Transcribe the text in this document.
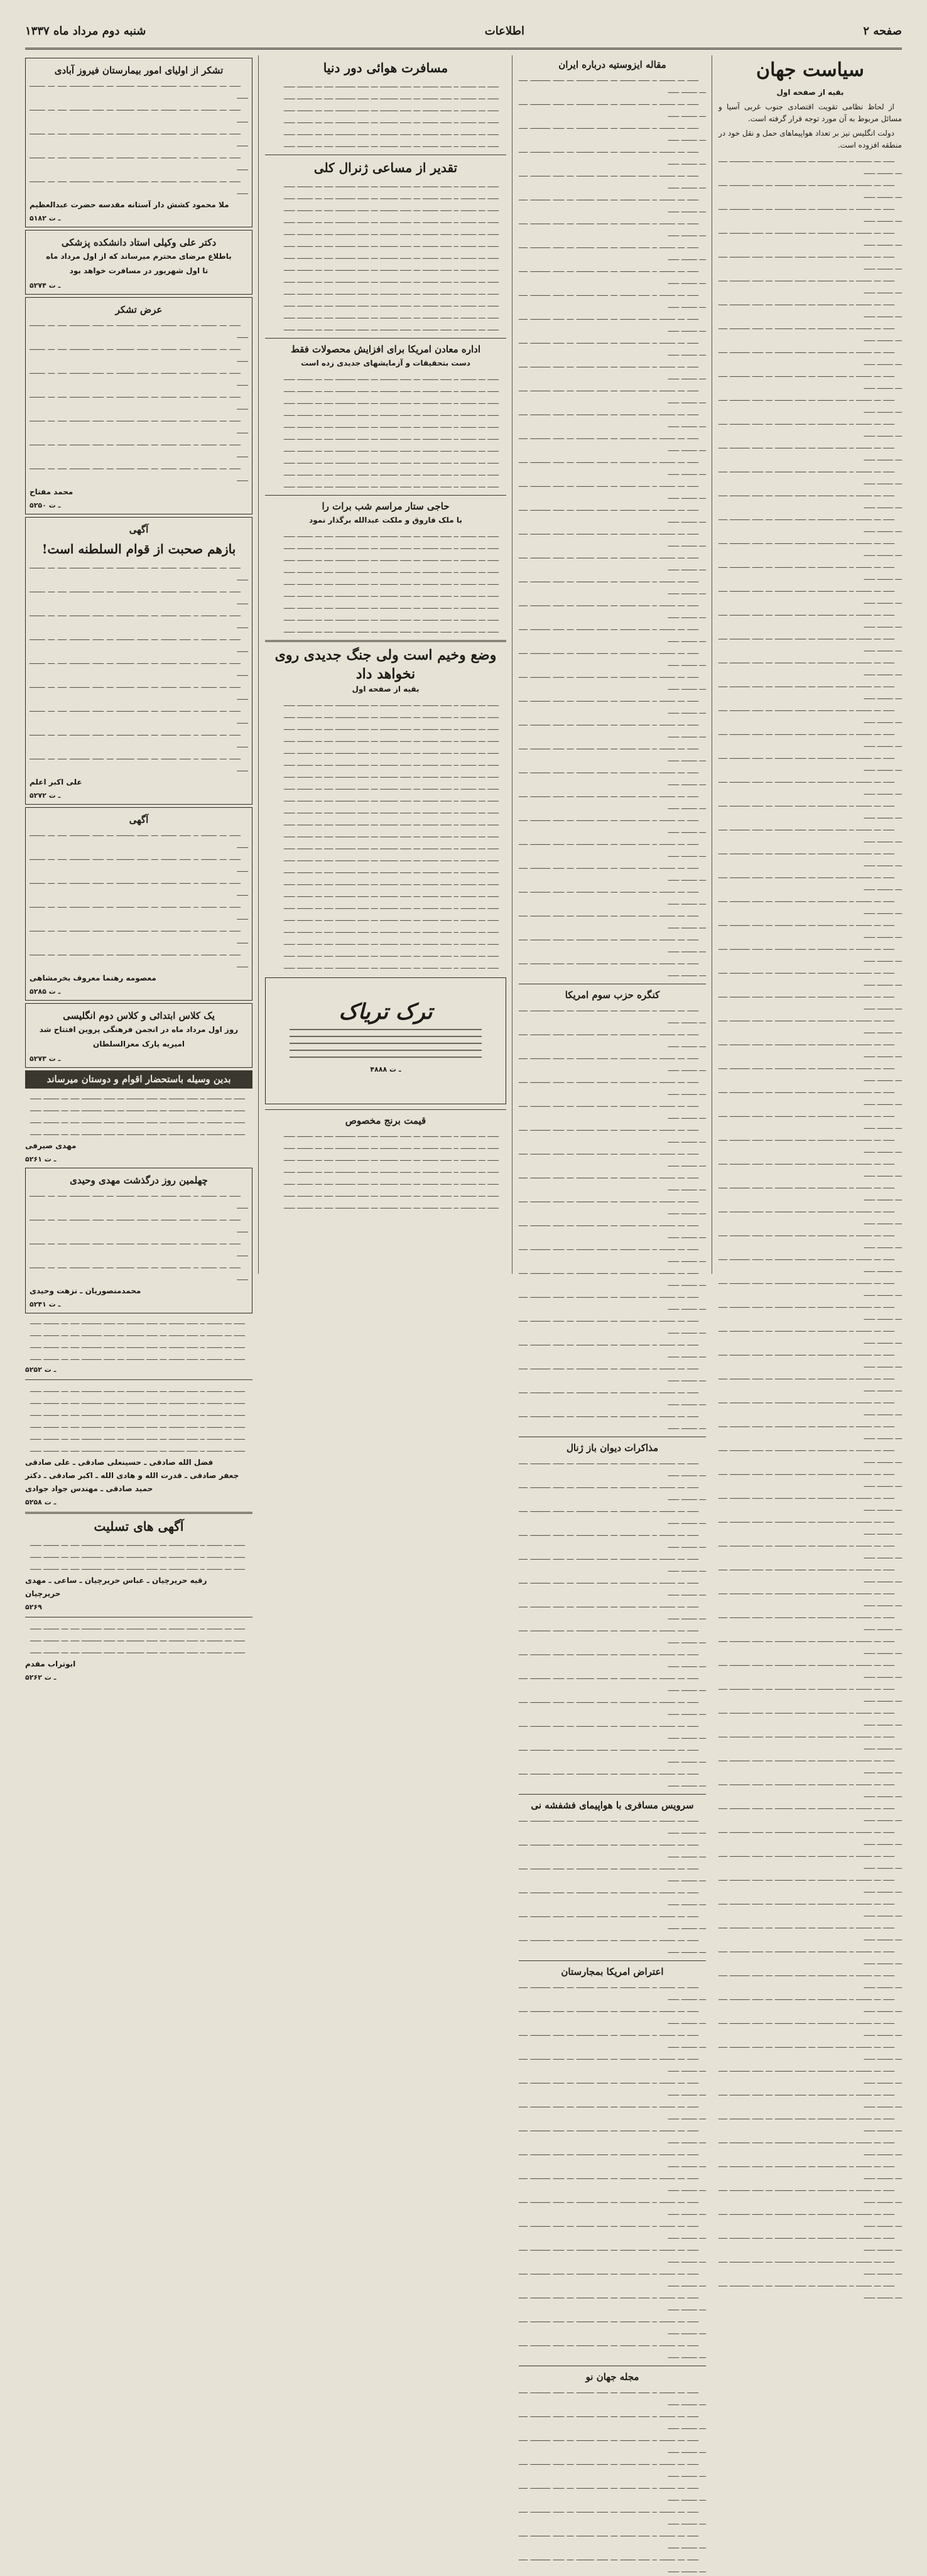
صفحه ۲
اطلاعات
شنبه دوم مرداد ماه ۱۳۳۷
سیاست جهان
بقیه از صفحه اول

از لحاظ نظامی تقویت اقتصادی جنوب غربی آسیا و مسائل مربوط به آن مورد توجه قرار گرفته است.

دولت انگلیس نیز بر تعداد هواپیماهای حمل و نقل خود در منطقه افزوده است.

ـــــ ـــ ـــــــ ــ ـــــ ـــــــ ـــ ـــــ ــــــــ ـــ ـــــ ـــــــــ ــــ ـــ ـــــــ ـــــ

ـــــ ـــ ـــــــ ــ ـــــ ـــــــ ـــ ـــــ ــــــــ ـــ ـــــ ـــــــــ ــــ ـــ ـــــــ ـــــ

ـــــ ـــ ـــــــ ــ ـــــ ـــــــ ـــ ـــــ ــــــــ ـــ ـــــ ـــــــــ ــــ ـــ ـــــــ ـــــ

ـــــ ـــ ـــــــ ــ ـــــ ـــــــ ـــ ـــــ ــــــــ ـــ ـــــ ـــــــــ ــــ ـــ ـــــــ ـــــ

ـــــ ـــ ـــــــ ــ ـــــ ـــــــ ـــ ـــــ ــــــــ ـــ ـــــ ـــــــــ ــــ ـــ ـــــــ ـــــ

ـــــ ـــ ـــــــ ــ ـــــ ـــــــ ـــ ـــــ ــــــــ ـــ ـــــ ـــــــــ ــــ ـــ ـــــــ ـــــ

ـــــ ـــ ـــــــ ــ ـــــ ـــــــ ـــ ـــــ ــــــــ ـــ ـــــ ـــــــــ ــــ ـــ ـــــــ ـــــ

ـــــ ـــ ـــــــ ــ ـــــ ـــــــ ـــ ـــــ ــــــــ ـــ ـــــ ـــــــــ ــــ ـــ ـــــــ ـــــ

ـــــ ـــ ـــــــ ــ ـــــ ـــــــ ـــ ـــــ ــــــــ ـــ ـــــ ـــــــــ ــــ ـــ ـــــــ ـــــ

ـــــ ـــ ـــــــ ــ ـــــ ـــــــ ـــ ـــــ ــــــــ ـــ ـــــ ـــــــــ ــــ ـــ ـــــــ ـــــ

ـــــ ـــ ـــــــ ــ ـــــ ـــــــ ـــ ـــــ ــــــــ ـــ ـــــ ـــــــــ ــــ ـــ ـــــــ ـــــ

ـــــ ـــ ـــــــ ــ ـــــ ـــــــ ـــ ـــــ ــــــــ ـــ ـــــ ـــــــــ ــــ ـــ ـــــــ ـــــ

ـــــ ـــ ـــــــ ــ ـــــ ـــــــ ـــ ـــــ ــــــــ ـــ ـــــ ـــــــــ ــــ ـــ ـــــــ ـــــ

ـــــ ـــ ـــــــ ــ ـــــ ـــــــ ـــ ـــــ ــــــــ ـــ ـــــ ـــــــــ ــــ ـــ ـــــــ ـــــ

ـــــ ـــ ـــــــ ــ ـــــ ـــــــ ـــ ـــــ ــــــــ ـــ ـــــ ـــــــــ ــــ ـــ ـــــــ ـــــ

ـــــ ـــ ـــــــ ــ ـــــ ـــــــ ـــ ـــــ ــــــــ ـــ ـــــ ـــــــــ ــــ ـــ ـــــــ ـــــ

ـــــ ـــ ـــــــ ــ ـــــ ـــــــ ـــ ـــــ ــــــــ ـــ ـــــ ـــــــــ ــــ ـــ ـــــــ ـــــ

ـــــ ـــ ـــــــ ــ ـــــ ـــــــ ـــ ـــــ ــــــــ ـــ ـــــ ـــــــــ ــــ ـــ ـــــــ ـــــ

ـــــ ـــ ـــــــ ــ ـــــ ـــــــ ـــ ـــــ ــــــــ ـــ ـــــ ـــــــــ ــــ ـــ ـــــــ ـــــ

ـــــ ـــ ـــــــ ــ ـــــ ـــــــ ـــ ـــــ ــــــــ ـــ ـــــ ـــــــــ ــــ ـــ ـــــــ ـــــ

ـــــ ـــ ـــــــ ــ ـــــ ـــــــ ـــ ـــــ ــــــــ ـــ ـــــ ـــــــــ ــــ ـــ ـــــــ ـــــ

ـــــ ـــ ـــــــ ــ ـــــ ـــــــ ـــ ـــــ ــــــــ ـــ ـــــ ـــــــــ ــــ ـــ ـــــــ ـــــ

ـــــ ـــ ـــــــ ــ ـــــ ـــــــ ـــ ـــــ ــــــــ ـــ ـــــ ـــــــــ ــــ ـــ ـــــــ ـــــ

ـــــ ـــ ـــــــ ــ ـــــ ـــــــ ـــ ـــــ ــــــــ ـــ ـــــ ـــــــــ ــــ ـــ ـــــــ ـــــ

ـــــ ـــ ـــــــ ــ ـــــ ـــــــ ـــ ـــــ ــــــــ ـــ ـــــ ـــــــــ ــــ ـــ ـــــــ ـــــ

ـــــ ـــ ـــــــ ــ ـــــ ـــــــ ـــ ـــــ ــــــــ ـــ ـــــ ـــــــــ ــــ ـــ ـــــــ ـــــ

ـــــ ـــ ـــــــ ــ ـــــ ـــــــ ـــ ـــــ ــــــــ ـــ ـــــ ـــــــــ ــــ ـــ ـــــــ ـــــ

ـــــ ـــ ـــــــ ــ ـــــ ـــــــ ـــ ـــــ ــــــــ ـــ ـــــ ـــــــــ ــــ ـــ ـــــــ ـــــ

ـــــ ـــ ـــــــ ــ ـــــ ـــــــ ـــ ـــــ ــــــــ ـــ ـــــ ـــــــــ ــــ ـــ ـــــــ ـــــ

ـــــ ـــ ـــــــ ــ ـــــ ـــــــ ـــ ـــــ ــــــــ ـــ ـــــ ـــــــــ ــــ ـــ ـــــــ ـــــ

ـــــ ـــ ـــــــ ــ ـــــ ـــــــ ـــ ـــــ ــــــــ ـــ ـــــ ـــــــــ ــــ ـــ ـــــــ ـــــ

ـــــ ـــ ـــــــ ــ ـــــ ـــــــ ـــ ـــــ ــــــــ ـــ ـــــ ـــــــــ ــــ ـــ ـــــــ ـــــ

ـــــ ـــ ـــــــ ــ ـــــ ـــــــ ـــ ـــــ ــــــــ ـــ ـــــ ـــــــــ ــــ ـــ ـــــــ ـــــ

ـــــ ـــ ـــــــ ــ ـــــ ـــــــ ـــ ـــــ ــــــــ ـــ ـــــ ـــــــــ ــــ ـــ ـــــــ ـــــ

ـــــ ـــ ـــــــ ــ ـــــ ـــــــ ـــ ـــــ ــــــــ ـــ ـــــ ـــــــــ ــــ ـــ ـــــــ ـــــ

ـــــ ـــ ـــــــ ــ ـــــ ـــــــ ـــ ـــــ ــــــــ ـــ ـــــ ـــــــــ ــــ ـــ ـــــــ ـــــ

ـــــ ـــ ـــــــ ــ ـــــ ـــــــ ـــ ـــــ ــــــــ ـــ ـــــ ـــــــــ ــــ ـــ ـــــــ ـــــ

ـــــ ـــ ـــــــ ــ ـــــ ـــــــ ـــ ـــــ ــــــــ ـــ ـــــ ـــــــــ ــــ ـــ ـــــــ ـــــ

ـــــ ـــ ـــــــ ــ ـــــ ـــــــ ـــ ـــــ ــــــــ ـــ ـــــ ـــــــــ ــــ ـــ ـــــــ ـــــ

ـــــ ـــ ـــــــ ــ ـــــ ـــــــ ـــ ـــــ ــــــــ ـــ ـــــ ـــــــــ ــــ ـــ ـــــــ ـــــ

ـــــ ـــ ـــــــ ــ ـــــ ـــــــ ـــ ـــــ ــــــــ ـــ ـــــ ـــــــــ ــــ ـــ ـــــــ ـــــ

ـــــ ـــ ـــــــ ــ ـــــ ـــــــ ـــ ـــــ ــــــــ ـــ ـــــ ـــــــــ ــــ ـــ ـــــــ ـــــ

ـــــ ـــ ـــــــ ــ ـــــ ـــــــ ـــ ـــــ ــــــــ ـــ ـــــ ـــــــــ ــــ ـــ ـــــــ ـــــ

ـــــ ـــ ـــــــ ــ ـــــ ـــــــ ـــ ـــــ ــــــــ ـــ ـــــ ـــــــــ ــــ ـــ ـــــــ ـــــ

ـــــ ـــ ـــــــ ــ ـــــ ـــــــ ـــ ـــــ ــــــــ ـــ ـــــ ـــــــــ ــــ ـــ ـــــــ ـــــ

ـــــ ـــ ـــــــ ــ ـــــ ـــــــ ـــ ـــــ ــــــــ ـــ ـــــ ـــــــــ ــــ ـــ ـــــــ ـــــ

ـــــ ـــ ـــــــ ــ ـــــ ـــــــ ـــ ـــــ ــــــــ ـــ ـــــ ـــــــــ ــــ ـــ ـــــــ ـــــ

ـــــ ـــ ـــــــ ــ ـــــ ـــــــ ـــ ـــــ ــــــــ ـــ ـــــ ـــــــــ ــــ ـــ ـــــــ ـــــ

ـــــ ـــ ـــــــ ــ ـــــ ـــــــ ـــ ـــــ ــــــــ ـــ ـــــ ـــــــــ ــــ ـــ ـــــــ ـــــ

ـــــ ـــ ـــــــ ــ ـــــ ـــــــ ـــ ـــــ ــــــــ ـــ ـــــ ـــــــــ ــــ ـــ ـــــــ ـــــ

ـــــ ـــ ـــــــ ــ ـــــ ـــــــ ـــ ـــــ ــــــــ ـــ ـــــ ـــــــــ ــــ ـــ ـــــــ ـــــ

ـــــ ـــ ـــــــ ــ ـــــ ـــــــ ـــ ـــــ ــــــــ ـــ ـــــ ـــــــــ ــــ ـــ ـــــــ ـــــ

ـــــ ـــ ـــــــ ــ ـــــ ـــــــ ـــ ـــــ ــــــــ ـــ ـــــ ـــــــــ ــــ ـــ ـــــــ ـــــ

ـــــ ـــ ـــــــ ــ ـــــ ـــــــ ـــ ـــــ ــــــــ ـــ ـــــ ـــــــــ ــــ ـــ ـــــــ ـــــ

ـــــ ـــ ـــــــ ــ ـــــ ـــــــ ـــ ـــــ ــــــــ ـــ ـــــ ـــــــــ ــــ ـــ ـــــــ ـــــ

ـــــ ـــ ـــــــ ــ ـــــ ـــــــ ـــ ـــــ ــــــــ ـــ ـــــ ـــــــــ ــــ ـــ ـــــــ ـــــ

ـــــ ـــ ـــــــ ــ ـــــ ـــــــ ـــ ـــــ ــــــــ ـــ ـــــ ـــــــــ ــــ ـــ ـــــــ ـــــ

ـــــ ـــ ـــــــ ــ ـــــ ـــــــ ـــ ـــــ ــــــــ ـــ ـــــ ـــــــــ ــــ ـــ ـــــــ ـــــ

ـــــ ـــ ـــــــ ــ ـــــ ـــــــ ـــ ـــــ ــــــــ ـــ ـــــ ـــــــــ ــــ ـــ ـــــــ ـــــ

ـــــ ـــ ـــــــ ــ ـــــ ـــــــ ـــ ـــــ ــــــــ ـــ ـــــ ـــــــــ ــــ ـــ ـــــــ ـــــ

ـــــ ـــ ـــــــ ــ ـــــ ـــــــ ـــ ـــــ ــــــــ ـــ ـــــ ـــــــــ ــــ ـــ ـــــــ ـــــ

ـــــ ـــ ـــــــ ــ ـــــ ـــــــ ـــ ـــــ ــــــــ ـــ ـــــ ـــــــــ ــــ ـــ ـــــــ ـــــ

ـــــ ـــ ـــــــ ــ ـــــ ـــــــ ـــ ـــــ ــــــــ ـــ ـــــ ـــــــــ ــــ ـــ ـــــــ ـــــ

ـــــ ـــ ـــــــ ــ ـــــ ـــــــ ـــ ـــــ ــــــــ ـــ ـــــ ـــــــــ ــــ ـــ ـــــــ ـــــ

ـــــ ـــ ـــــــ ــ ـــــ ـــــــ ـــ ـــــ ــــــــ ـــ ـــــ ـــــــــ ــــ ـــ ـــــــ ـــــ

ـــــ ـــ ـــــــ ــ ـــــ ـــــــ ـــ ـــــ ــــــــ ـــ ـــــ ـــــــــ ــــ ـــ ـــــــ ـــــ

ـــــ ـــ ـــــــ ــ ـــــ ـــــــ ـــ ـــــ ــــــــ ـــ ـــــ ـــــــــ ــــ ـــ ـــــــ ـــــ

ـــــ ـــ ـــــــ ــ ـــــ ـــــــ ـــ ـــــ ــــــــ ـــ ـــــ ـــــــــ ــــ ـــ ـــــــ ـــــ

ـــــ ـــ ـــــــ ــ ـــــ ـــــــ ـــ ـــــ ــــــــ ـــ ـــــ ـــــــــ ــــ ـــ ـــــــ ـــــ

ـــــ ـــ ـــــــ ــ ـــــ ـــــــ ـــ ـــــ ــــــــ ـــ ـــــ ـــــــــ ــــ ـــ ـــــــ ـــــ

ـــــ ـــ ـــــــ ــ ـــــ ـــــــ ـــ ـــــ ــــــــ ـــ ـــــ ـــــــــ ــــ ـــ ـــــــ ـــــ

ـــــ ـــ ـــــــ ــ ـــــ ـــــــ ـــ ـــــ ــــــــ ـــ ـــــ ـــــــــ ــــ ـــ ـــــــ ـــــ

ـــــ ـــ ـــــــ ــ ـــــ ـــــــ ـــ ـــــ ــــــــ ـــ ـــــ ـــــــــ ــــ ـــ ـــــــ ـــــ

ـــــ ـــ ـــــــ ــ ـــــ ـــــــ ـــ ـــــ ــــــــ ـــ ـــــ ـــــــــ ــــ ـــ ـــــــ ـــــ

ـــــ ـــ ـــــــ ــ ـــــ ـــــــ ـــ ـــــ ــــــــ ـــ ـــــ ـــــــــ ــــ ـــ ـــــــ ـــــ

ـــــ ـــ ـــــــ ــ ـــــ ـــــــ ـــ ـــــ ــــــــ ـــ ـــــ ـــــــــ ــــ ـــ ـــــــ ـــــ

ـــــ ـــ ـــــــ ــ ـــــ ـــــــ ـــ ـــــ ــــــــ ـــ ـــــ ـــــــــ ــــ ـــ ـــــــ ـــــ

ـــــ ـــ ـــــــ ــ ـــــ ـــــــ ـــ ـــــ ــــــــ ـــ ـــــ ـــــــــ ــــ ـــ ـــــــ ـــــ

ـــــ ـــ ـــــــ ــ ـــــ ـــــــ ـــ ـــــ ــــــــ ـــ ـــــ ـــــــــ ــــ ـــ ـــــــ ـــــ

ـــــ ـــ ـــــــ ــ ـــــ ـــــــ ـــ ـــــ ــــــــ ـــ ـــــ ـــــــــ ــــ ـــ ـــــــ ـــــ

ـــــ ـــ ـــــــ ــ ـــــ ـــــــ ـــ ـــــ ــــــــ ـــ ـــــ ـــــــــ ــــ ـــ ـــــــ ـــــ

ـــــ ـــ ـــــــ ــ ـــــ ـــــــ ـــ ـــــ ــــــــ ـــ ـــــ ـــــــــ ــــ ـــ ـــــــ ـــــ

ـــــ ـــ ـــــــ ــ ـــــ ـــــــ ـــ ـــــ ــــــــ ـــ ـــــ ـــــــــ ــــ ـــ ـــــــ ـــــ

ـــــ ـــ ـــــــ ــ ـــــ ـــــــ ـــ ـــــ ــــــــ ـــ ـــــ ـــــــــ ــــ ـــ ـــــــ ـــــ

ـــــ ـــ ـــــــ ــ ـــــ ـــــــ ـــ ـــــ ــــــــ ـــ ـــــ ـــــــــ ــــ ـــ ـــــــ ـــــ

ـــــ ـــ ـــــــ ــ ـــــ ـــــــ ـــ ـــــ ــــــــ ـــ ـــــ ـــــــــ ــــ ـــ ـــــــ ـــــ

ـــــ ـــ ـــــــ ــ ـــــ ـــــــ ـــ ـــــ ــــــــ ـــ ـــــ ـــــــــ ــــ ـــ ـــــــ ـــــ

ـــــ ـــ ـــــــ ــ ـــــ ـــــــ ـــ ـــــ ــــــــ ـــ ـــــ ـــــــــ ــــ ـــ ـــــــ ـــــ

ـــــ ـــ ـــــــ ــ ـــــ ـــــــ ـــ ـــــ ــــــــ ـــ ـــــ ـــــــــ ــــ ـــ ـــــــ ـــــ

ـــــ ـــ ـــــــ ــ ـــــ ـــــــ ـــ ـــــ ــــــــ ـــ ـــــ ـــــــــ ــــ ـــ ـــــــ ـــــ

مقاله ایزوستیه درباره ایران

ـــــ ـــ ـــــــ ــ ـــــ ـــــــ ـــ ـــــ ــــــــ ـــ ـــــ ـــــــــ ــــ ـــ ـــــــ ـــــ

ـــــ ـــ ـــــــ ــ ـــــ ـــــــ ـــ ـــــ ــــــــ ـــ ـــــ ـــــــــ ــــ ـــ ـــــــ ـــــ

ـــــ ـــ ـــــــ ــ ـــــ ـــــــ ـــ ـــــ ــــــــ ـــ ـــــ ـــــــــ ــــ ـــ ـــــــ ـــــ

ـــــ ـــ ـــــــ ــ ـــــ ـــــــ ـــ ـــــ ــــــــ ـــ ـــــ ـــــــــ ــــ ـــ ـــــــ ـــــ

ـــــ ـــ ـــــــ ــ ـــــ ـــــــ ـــ ـــــ ــــــــ ـــ ـــــ ـــــــــ ــــ ـــ ـــــــ ـــــ

ـــــ ـــ ـــــــ ــ ـــــ ـــــــ ـــ ـــــ ــــــــ ـــ ـــــ ـــــــــ ــــ ـــ ـــــــ ـــــ

ـــــ ـــ ـــــــ ــ ـــــ ـــــــ ـــ ـــــ ــــــــ ـــ ـــــ ـــــــــ ــــ ـــ ـــــــ ـــــ

ـــــ ـــ ـــــــ ــ ـــــ ـــــــ ـــ ـــــ ــــــــ ـــ ـــــ ـــــــــ ــــ ـــ ـــــــ ـــــ

ـــــ ـــ ـــــــ ــ ـــــ ـــــــ ـــ ـــــ ــــــــ ـــ ـــــ ـــــــــ ــــ ـــ ـــــــ ـــــ

ـــــ ـــ ـــــــ ــ ـــــ ـــــــ ـــ ـــــ ــــــــ ـــ ـــــ ـــــــــ ــــ ـــ ـــــــ ـــــ

ـــــ ـــ ـــــــ ــ ـــــ ـــــــ ـــ ـــــ ــــــــ ـــ ـــــ ـــــــــ ــــ ـــ ـــــــ ـــــ

ـــــ ـــ ـــــــ ــ ـــــ ـــــــ ـــ ـــــ ــــــــ ـــ ـــــ ـــــــــ ــــ ـــ ـــــــ ـــــ

ـــــ ـــ ـــــــ ــ ـــــ ـــــــ ـــ ـــــ ــــــــ ـــ ـــــ ـــــــــ ــــ ـــ ـــــــ ـــــ

ـــــ ـــ ـــــــ ــ ـــــ ـــــــ ـــ ـــــ ــــــــ ـــ ـــــ ـــــــــ ــــ ـــ ـــــــ ـــــ

ـــــ ـــ ـــــــ ــ ـــــ ـــــــ ـــ ـــــ ــــــــ ـــ ـــــ ـــــــــ ــــ ـــ ـــــــ ـــــ

ـــــ ـــ ـــــــ ــ ـــــ ـــــــ ـــ ـــــ ــــــــ ـــ ـــــ ـــــــــ ــــ ـــ ـــــــ ـــــ

ـــــ ـــ ـــــــ ــ ـــــ ـــــــ ـــ ـــــ ــــــــ ـــ ـــــ ـــــــــ ــــ ـــ ـــــــ ـــــ

ـــــ ـــ ـــــــ ــ ـــــ ـــــــ ـــ ـــــ ــــــــ ـــ ـــــ ـــــــــ ــــ ـــ ـــــــ ـــــ

ـــــ ـــ ـــــــ ــ ـــــ ـــــــ ـــ ـــــ ــــــــ ـــ ـــــ ـــــــــ ــــ ـــ ـــــــ ـــــ

ـــــ ـــ ـــــــ ــ ـــــ ـــــــ ـــ ـــــ ــــــــ ـــ ـــــ ـــــــــ ــــ ـــ ـــــــ ـــــ

ـــــ ـــ ـــــــ ــ ـــــ ـــــــ ـــ ـــــ ــــــــ ـــ ـــــ ـــــــــ ــــ ـــ ـــــــ ـــــ

ـــــ ـــ ـــــــ ــ ـــــ ـــــــ ـــ ـــــ ــــــــ ـــ ـــــ ـــــــــ ــــ ـــ ـــــــ ـــــ

ـــــ ـــ ـــــــ ــ ـــــ ـــــــ ـــ ـــــ ــــــــ ـــ ـــــ ـــــــــ ــــ ـــ ـــــــ ـــــ

ـــــ ـــ ـــــــ ــ ـــــ ـــــــ ـــ ـــــ ــــــــ ـــ ـــــ ـــــــــ ــــ ـــ ـــــــ ـــــ

ـــــ ـــ ـــــــ ــ ـــــ ـــــــ ـــ ـــــ ــــــــ ـــ ـــــ ـــــــــ ــــ ـــ ـــــــ ـــــ

ـــــ ـــ ـــــــ ــ ـــــ ـــــــ ـــ ـــــ ــــــــ ـــ ـــــ ـــــــــ ــــ ـــ ـــــــ ـــــ

ـــــ ـــ ـــــــ ــ ـــــ ـــــــ ـــ ـــــ ــــــــ ـــ ـــــ ـــــــــ ــــ ـــ ـــــــ ـــــ

ـــــ ـــ ـــــــ ــ ـــــ ـــــــ ـــ ـــــ ــــــــ ـــ ـــــ ـــــــــ ــــ ـــ ـــــــ ـــــ

ـــــ ـــ ـــــــ ــ ـــــ ـــــــ ـــ ـــــ ــــــــ ـــ ـــــ ـــــــــ ــــ ـــ ـــــــ ـــــ

ـــــ ـــ ـــــــ ــ ـــــ ـــــــ ـــ ـــــ ــــــــ ـــ ـــــ ـــــــــ ــــ ـــ ـــــــ ـــــ

ـــــ ـــ ـــــــ ــ ـــــ ـــــــ ـــ ـــــ ــــــــ ـــ ـــــ ـــــــــ ــــ ـــ ـــــــ ـــــ

ـــــ ـــ ـــــــ ــ ـــــ ـــــــ ـــ ـــــ ــــــــ ـــ ـــــ ـــــــــ ــــ ـــ ـــــــ ـــــ

ـــــ ـــ ـــــــ ــ ـــــ ـــــــ ـــ ـــــ ــــــــ ـــ ـــــ ـــــــــ ــــ ـــ ـــــــ ـــــ

ـــــ ـــ ـــــــ ــ ـــــ ـــــــ ـــ ـــــ ــــــــ ـــ ـــــ ـــــــــ ــــ ـــ ـــــــ ـــــ

ـــــ ـــ ـــــــ ــ ـــــ ـــــــ ـــ ـــــ ــــــــ ـــ ـــــ ـــــــــ ــــ ـــ ـــــــ ـــــ

ـــــ ـــ ـــــــ ــ ـــــ ـــــــ ـــ ـــــ ــــــــ ـــ ـــــ ـــــــــ ــــ ـــ ـــــــ ـــــ

ـــــ ـــ ـــــــ ــ ـــــ ـــــــ ـــ ـــــ ــــــــ ـــ ـــــ ـــــــــ ــــ ـــ ـــــــ ـــــ

ـــــ ـــ ـــــــ ــ ـــــ ـــــــ ـــ ـــــ ــــــــ ـــ ـــــ ـــــــــ ــــ ـــ ـــــــ ـــــ

کنگره حزب سوم امریکا

ـــــ ـــ ـــــــ ــ ـــــ ـــــــ ـــ ـــــ ــــــــ ـــ ـــــ ـــــــــ ــــ ـــ ـــــــ ـــــ

ـــــ ـــ ـــــــ ــ ـــــ ـــــــ ـــ ـــــ ــــــــ ـــ ـــــ ـــــــــ ــــ ـــ ـــــــ ـــــ

ـــــ ـــ ـــــــ ــ ـــــ ـــــــ ـــ ـــــ ــــــــ ـــ ـــــ ـــــــــ ــــ ـــ ـــــــ ـــــ

ـــــ ـــ ـــــــ ــ ـــــ ـــــــ ـــ ـــــ ــــــــ ـــ ـــــ ـــــــــ ــــ ـــ ـــــــ ـــــ

ـــــ ـــ ـــــــ ــ ـــــ ـــــــ ـــ ـــــ ــــــــ ـــ ـــــ ـــــــــ ــــ ـــ ـــــــ ـــــ

ـــــ ـــ ـــــــ ــ ـــــ ـــــــ ـــ ـــــ ــــــــ ـــ ـــــ ـــــــــ ــــ ـــ ـــــــ ـــــ

ـــــ ـــ ـــــــ ــ ـــــ ـــــــ ـــ ـــــ ــــــــ ـــ ـــــ ـــــــــ ــــ ـــ ـــــــ ـــــ

ـــــ ـــ ـــــــ ــ ـــــ ـــــــ ـــ ـــــ ــــــــ ـــ ـــــ ـــــــــ ــــ ـــ ـــــــ ـــــ

ـــــ ـــ ـــــــ ــ ـــــ ـــــــ ـــ ـــــ ــــــــ ـــ ـــــ ـــــــــ ــــ ـــ ـــــــ ـــــ

ـــــ ـــ ـــــــ ــ ـــــ ـــــــ ـــ ـــــ ــــــــ ـــ ـــــ ـــــــــ ــــ ـــ ـــــــ ـــــ

ـــــ ـــ ـــــــ ــ ـــــ ـــــــ ـــ ـــــ ــــــــ ـــ ـــــ ـــــــــ ــــ ـــ ـــــــ ـــــ

ـــــ ـــ ـــــــ ــ ـــــ ـــــــ ـــ ـــــ ــــــــ ـــ ـــــ ـــــــــ ــــ ـــ ـــــــ ـــــ

ـــــ ـــ ـــــــ ــ ـــــ ـــــــ ـــ ـــــ ــــــــ ـــ ـــــ ـــــــــ ــــ ـــ ـــــــ ـــــ

ـــــ ـــ ـــــــ ــ ـــــ ـــــــ ـــ ـــــ ــــــــ ـــ ـــــ ـــــــــ ــــ ـــ ـــــــ ـــــ

ـــــ ـــ ـــــــ ــ ـــــ ـــــــ ـــ ـــــ ــــــــ ـــ ـــــ ـــــــــ ــــ ـــ ـــــــ ـــــ

ـــــ ـــ ـــــــ ــ ـــــ ـــــــ ـــ ـــــ ــــــــ ـــ ـــــ ـــــــــ ــــ ـــ ـــــــ ـــــ

ـــــ ـــ ـــــــ ــ ـــــ ـــــــ ـــ ـــــ ــــــــ ـــ ـــــ ـــــــــ ــــ ـــ ـــــــ ـــــ

ـــــ ـــ ـــــــ ــ ـــــ ـــــــ ـــ ـــــ ــــــــ ـــ ـــــ ـــــــــ ــــ ـــ ـــــــ ـــــ

مذاکرات دیوان باز ژنال

ـــــ ـــ ـــــــ ــ ـــــ ـــــــ ـــ ـــــ ــــــــ ـــ ـــــ ـــــــــ ــــ ـــ ـــــــ ـــــ

ـــــ ـــ ـــــــ ــ ـــــ ـــــــ ـــ ـــــ ــــــــ ـــ ـــــ ـــــــــ ــــ ـــ ـــــــ ـــــ

ـــــ ـــ ـــــــ ــ ـــــ ـــــــ ـــ ـــــ ــــــــ ـــ ـــــ ـــــــــ ــــ ـــ ـــــــ ـــــ

ـــــ ـــ ـــــــ ــ ـــــ ـــــــ ـــ ـــــ ــــــــ ـــ ـــــ ـــــــــ ــــ ـــ ـــــــ ـــــ

ـــــ ـــ ـــــــ ــ ـــــ ـــــــ ـــ ـــــ ــــــــ ـــ ـــــ ـــــــــ ــــ ـــ ـــــــ ـــــ

ـــــ ـــ ـــــــ ــ ـــــ ـــــــ ـــ ـــــ ــــــــ ـــ ـــــ ـــــــــ ــــ ـــ ـــــــ ـــــ

ـــــ ـــ ـــــــ ــ ـــــ ـــــــ ـــ ـــــ ــــــــ ـــ ـــــ ـــــــــ ــــ ـــ ـــــــ ـــــ

ـــــ ـــ ـــــــ ــ ـــــ ـــــــ ـــ ـــــ ــــــــ ـــ ـــــ ـــــــــ ــــ ـــ ـــــــ ـــــ

ـــــ ـــ ـــــــ ــ ـــــ ـــــــ ـــ ـــــ ــــــــ ـــ ـــــ ـــــــــ ــــ ـــ ـــــــ ـــــ

ـــــ ـــ ـــــــ ــ ـــــ ـــــــ ـــ ـــــ ــــــــ ـــ ـــــ ـــــــــ ــــ ـــ ـــــــ ـــــ

ـــــ ـــ ـــــــ ــ ـــــ ـــــــ ـــ ـــــ ــــــــ ـــ ـــــ ـــــــــ ــــ ـــ ـــــــ ـــــ

ـــــ ـــ ـــــــ ــ ـــــ ـــــــ ـــ ـــــ ــــــــ ـــ ـــــ ـــــــــ ــــ ـــ ـــــــ ـــــ

ـــــ ـــ ـــــــ ــ ـــــ ـــــــ ـــ ـــــ ــــــــ ـــ ـــــ ـــــــــ ــــ ـــ ـــــــ ـــــ

ـــــ ـــ ـــــــ ــ ـــــ ـــــــ ـــ ـــــ ــــــــ ـــ ـــــ ـــــــــ ــــ ـــ ـــــــ ـــــ

سرویس مسافری با هواپیمای فشفشه نی

ـــــ ـــ ـــــــ ــ ـــــ ـــــــ ـــ ـــــ ــــــــ ـــ ـــــ ـــــــــ ــــ ـــ ـــــــ ـــــ

ـــــ ـــ ـــــــ ــ ـــــ ـــــــ ـــ ـــــ ــــــــ ـــ ـــــ ـــــــــ ــــ ـــ ـــــــ ـــــ

ـــــ ـــ ـــــــ ــ ـــــ ـــــــ ـــ ـــــ ــــــــ ـــ ـــــ ـــــــــ ــــ ـــ ـــــــ ـــــ

ـــــ ـــ ـــــــ ــ ـــــ ـــــــ ـــ ـــــ ــــــــ ـــ ـــــ ـــــــــ ــــ ـــ ـــــــ ـــــ

ـــــ ـــ ـــــــ ــ ـــــ ـــــــ ـــ ـــــ ــــــــ ـــ ـــــ ـــــــــ ــــ ـــ ـــــــ ـــــ

ـــــ ـــ ـــــــ ــ ـــــ ـــــــ ـــ ـــــ ــــــــ ـــ ـــــ ـــــــــ ــــ ـــ ـــــــ ـــــ

اعتراض امریکا بمجارستان

ـــــ ـــ ـــــــ ــ ـــــ ـــــــ ـــ ـــــ ــــــــ ـــ ـــــ ـــــــــ ــــ ـــ ـــــــ ـــــ

ـــــ ـــ ـــــــ ــ ـــــ ـــــــ ـــ ـــــ ــــــــ ـــ ـــــ ـــــــــ ــــ ـــ ـــــــ ـــــ

ـــــ ـــ ـــــــ ــ ـــــ ـــــــ ـــ ـــــ ــــــــ ـــ ـــــ ـــــــــ ــــ ـــ ـــــــ ـــــ

ـــــ ـــ ـــــــ ــ ـــــ ـــــــ ـــ ـــــ ــــــــ ـــ ـــــ ـــــــــ ــــ ـــ ـــــــ ـــــ

ـــــ ـــ ـــــــ ــ ـــــ ـــــــ ـــ ـــــ ــــــــ ـــ ـــــ ـــــــــ ــــ ـــ ـــــــ ـــــ

ـــــ ـــ ـــــــ ــ ـــــ ـــــــ ـــ ـــــ ــــــــ ـــ ـــــ ـــــــــ ــــ ـــ ـــــــ ـــــ

ـــــ ـــ ـــــــ ــ ـــــ ـــــــ ـــ ـــــ ــــــــ ـــ ـــــ ـــــــــ ــــ ـــ ـــــــ ـــــ

ـــــ ـــ ـــــــ ــ ـــــ ـــــــ ـــ ـــــ ــــــــ ـــ ـــــ ـــــــــ ــــ ـــ ـــــــ ـــــ

ـــــ ـــ ـــــــ ــ ـــــ ـــــــ ـــ ـــــ ــــــــ ـــ ـــــ ـــــــــ ــــ ـــ ـــــــ ـــــ

ـــــ ـــ ـــــــ ــ ـــــ ـــــــ ـــ ـــــ ــــــــ ـــ ـــــ ـــــــــ ــــ ـــ ـــــــ ـــــ

ـــــ ـــ ـــــــ ــ ـــــ ـــــــ ـــ ـــــ ــــــــ ـــ ـــــ ـــــــــ ــــ ـــ ـــــــ ـــــ

ـــــ ـــ ـــــــ ــ ـــــ ـــــــ ـــ ـــــ ــــــــ ـــ ـــــ ـــــــــ ــــ ـــ ـــــــ ـــــ

ـــــ ـــ ـــــــ ــ ـــــ ـــــــ ـــ ـــــ ــــــــ ـــ ـــــ ـــــــــ ــــ ـــ ـــــــ ـــــ

ـــــ ـــ ـــــــ ــ ـــــ ـــــــ ـــ ـــــ ــــــــ ـــ ـــــ ـــــــــ ــــ ـــ ـــــــ ـــــ

ـــــ ـــ ـــــــ ــ ـــــ ـــــــ ـــ ـــــ ــــــــ ـــ ـــــ ـــــــــ ــــ ـــ ـــــــ ـــــ

ـــــ ـــ ـــــــ ــ ـــــ ـــــــ ـــ ـــــ ــــــــ ـــ ـــــ ـــــــــ ــــ ـــ ـــــــ ـــــ

مجله جهان نو

ـــــ ـــ ـــــــ ــ ـــــ ـــــــ ـــ ـــــ ــــــــ ـــ ـــــ ـــــــــ ــــ ـــ ـــــــ ـــــ

ـــــ ـــ ـــــــ ــ ـــــ ـــــــ ـــ ـــــ ــــــــ ـــ ـــــ ـــــــــ ــــ ـــ ـــــــ ـــــ

ـــــ ـــ ـــــــ ــ ـــــ ـــــــ ـــ ـــــ ــــــــ ـــ ـــــ ـــــــــ ــــ ـــ ـــــــ ـــــ

ـــــ ـــ ـــــــ ــ ـــــ ـــــــ ـــ ـــــ ــــــــ ـــ ـــــ ـــــــــ ــــ ـــ ـــــــ ـــــ

ـــــ ـــ ـــــــ ــ ـــــ ـــــــ ـــ ـــــ ــــــــ ـــ ـــــ ـــــــــ ــــ ـــ ـــــــ ـــــ

ـــــ ـــ ـــــــ ــ ـــــ ـــــــ ـــ ـــــ ــــــــ ـــ ـــــ ـــــــــ ــــ ـــ ـــــــ ـــــ

ـــــ ـــ ـــــــ ــ ـــــ ـــــــ ـــ ـــــ ــــــــ ـــ ـــــ ـــــــــ ــــ ـــ ـــــــ ـــــ

ـــــ ـــ ـــــــ ــ ـــــ ـــــــ ـــ ـــــ ــــــــ ـــ ـــــ ـــــــــ ــــ ـــ ـــــــ ـــــ

مسافرت هوائی دور دنیا

ـــــ ـــ ـــــــ ــ ـــــ ـــــــ ـــ ـــــ ــــــــ ـــ ـــــ ـــــــــ ــــ ـــ ـــــــ ـــــ

ـــــ ـــ ـــــــ ــ ـــــ ـــــــ ـــ ـــــ ــــــــ ـــ ـــــ ـــــــــ ــــ ـــ ـــــــ ـــــ

ـــــ ـــ ـــــــ ــ ـــــ ـــــــ ـــ ـــــ ــــــــ ـــ ـــــ ـــــــــ ــــ ـــ ـــــــ ـــــ

ـــــ ـــ ـــــــ ــ ـــــ ـــــــ ـــ ـــــ ــــــــ ـــ ـــــ ـــــــــ ــــ ـــ ـــــــ ـــــ

ـــــ ـــ ـــــــ ــ ـــــ ـــــــ ـــ ـــــ ــــــــ ـــ ـــــ ـــــــــ ــــ ـــ ـــــــ ـــــ

ـــــ ـــ ـــــــ ــ ـــــ ـــــــ ـــ ـــــ ــــــــ ـــ ـــــ ـــــــــ ــــ ـــ ـــــــ ـــــ

تقدیر از مساعی ژنرال کلی

ـــــ ـــ ـــــــ ــ ـــــ ـــــــ ـــ ـــــ ــــــــ ـــ ـــــ ـــــــــ ــــ ـــ ـــــــ ـــــ

ـــــ ـــ ـــــــ ــ ـــــ ـــــــ ـــ ـــــ ــــــــ ـــ ـــــ ـــــــــ ــــ ـــ ـــــــ ـــــ

ـــــ ـــ ـــــــ ــ ـــــ ـــــــ ـــ ـــــ ــــــــ ـــ ـــــ ـــــــــ ــــ ـــ ـــــــ ـــــ

ـــــ ـــ ـــــــ ــ ـــــ ـــــــ ـــ ـــــ ــــــــ ـــ ـــــ ـــــــــ ــــ ـــ ـــــــ ـــــ

ـــــ ـــ ـــــــ ــ ـــــ ـــــــ ـــ ـــــ ــــــــ ـــ ـــــ ـــــــــ ــــ ـــ ـــــــ ـــــ

ـــــ ـــ ـــــــ ــ ـــــ ـــــــ ـــ ـــــ ــــــــ ـــ ـــــ ـــــــــ ــــ ـــ ـــــــ ـــــ

ـــــ ـــ ـــــــ ــ ـــــ ـــــــ ـــ ـــــ ــــــــ ـــ ـــــ ـــــــــ ــــ ـــ ـــــــ ـــــ

ـــــ ـــ ـــــــ ــ ـــــ ـــــــ ـــ ـــــ ــــــــ ـــ ـــــ ـــــــــ ــــ ـــ ـــــــ ـــــ

ـــــ ـــ ـــــــ ــ ـــــ ـــــــ ـــ ـــــ ــــــــ ـــ ـــــ ـــــــــ ــــ ـــ ـــــــ ـــــ

ـــــ ـــ ـــــــ ــ ـــــ ـــــــ ـــ ـــــ ــــــــ ـــ ـــــ ـــــــــ ــــ ـــ ـــــــ ـــــ

ـــــ ـــ ـــــــ ــ ـــــ ـــــــ ـــ ـــــ ــــــــ ـــ ـــــ ـــــــــ ــــ ـــ ـــــــ ـــــ

ـــــ ـــ ـــــــ ــ ـــــ ـــــــ ـــ ـــــ ــــــــ ـــ ـــــ ـــــــــ ــــ ـــ ـــــــ ـــــ

ـــــ ـــ ـــــــ ــ ـــــ ـــــــ ـــ ـــــ ــــــــ ـــ ـــــ ـــــــــ ــــ ـــ ـــــــ ـــــ

اداره معادن امریکا برای افزایش محصولات فقط
دست بتحقیقات و آزمایشهای جدیدی زده است

ـــــ ـــ ـــــــ ــ ـــــ ـــــــ ـــ ـــــ ــــــــ ـــ ـــــ ـــــــــ ــــ ـــ ـــــــ ـــــ

ـــــ ـــ ـــــــ ــ ـــــ ـــــــ ـــ ـــــ ــــــــ ـــ ـــــ ـــــــــ ــــ ـــ ـــــــ ـــــ

ـــــ ـــ ـــــــ ــ ـــــ ـــــــ ـــ ـــــ ــــــــ ـــ ـــــ ـــــــــ ــــ ـــ ـــــــ ـــــ

ـــــ ـــ ـــــــ ــ ـــــ ـــــــ ـــ ـــــ ــــــــ ـــ ـــــ ـــــــــ ــــ ـــ ـــــــ ـــــ

ـــــ ـــ ـــــــ ــ ـــــ ـــــــ ـــ ـــــ ــــــــ ـــ ـــــ ـــــــــ ــــ ـــ ـــــــ ـــــ

ـــــ ـــ ـــــــ ــ ـــــ ـــــــ ـــ ـــــ ــــــــ ـــ ـــــ ـــــــــ ــــ ـــ ـــــــ ـــــ

ـــــ ـــ ـــــــ ــ ـــــ ـــــــ ـــ ـــــ ــــــــ ـــ ـــــ ـــــــــ ــــ ـــ ـــــــ ـــــ

ـــــ ـــ ـــــــ ــ ـــــ ـــــــ ـــ ـــــ ــــــــ ـــ ـــــ ـــــــــ ــــ ـــ ـــــــ ـــــ

ـــــ ـــ ـــــــ ــ ـــــ ـــــــ ـــ ـــــ ــــــــ ـــ ـــــ ـــــــــ ــــ ـــ ـــــــ ـــــ

ـــــ ـــ ـــــــ ــ ـــــ ـــــــ ـــ ـــــ ــــــــ ـــ ـــــ ـــــــــ ــــ ـــ ـــــــ ـــــ

حاجی ستار مراسم شب برات را
با ملک فاروق و ملکت عبدالله برگذار نمود

ـــــ ـــ ـــــــ ــ ـــــ ـــــــ ـــ ـــــ ــــــــ ـــ ـــــ ـــــــــ ــــ ـــ ـــــــ ـــــ

ـــــ ـــ ـــــــ ــ ـــــ ـــــــ ـــ ـــــ ــــــــ ـــ ـــــ ـــــــــ ــــ ـــ ـــــــ ـــــ

ـــــ ـــ ـــــــ ــ ـــــ ـــــــ ـــ ـــــ ــــــــ ـــ ـــــ ـــــــــ ــــ ـــ ـــــــ ـــــ

ـــــ ـــ ـــــــ ــ ـــــ ـــــــ ـــ ـــــ ــــــــ ـــ ـــــ ـــــــــ ــــ ـــ ـــــــ ـــــ

ـــــ ـــ ـــــــ ــ ـــــ ـــــــ ـــ ـــــ ــــــــ ـــ ـــــ ـــــــــ ــــ ـــ ـــــــ ـــــ

ـــــ ـــ ـــــــ ــ ـــــ ـــــــ ـــ ـــــ ــــــــ ـــ ـــــ ـــــــــ ــــ ـــ ـــــــ ـــــ

ـــــ ـــ ـــــــ ــ ـــــ ـــــــ ـــ ـــــ ــــــــ ـــ ـــــ ـــــــــ ــــ ـــ ـــــــ ـــــ

ـــــ ـــ ـــــــ ــ ـــــ ـــــــ ـــ ـــــ ــــــــ ـــ ـــــ ـــــــــ ــــ ـــ ـــــــ ـــــ

ـــــ ـــ ـــــــ ــ ـــــ ـــــــ ـــ ـــــ ــــــــ ـــ ـــــ ـــــــــ ــــ ـــ ـــــــ ـــــ

وضع وخیم است ولی جنگ جدیدی روی نخواهد داد
بقیه از صفحه اول

ـــــ ـــ ـــــــ ــ ـــــ ـــــــ ـــ ـــــ ــــــــ ـــ ـــــ ـــــــــ ــــ ـــ ـــــــ ـــــ

ـــــ ـــ ـــــــ ــ ـــــ ـــــــ ـــ ـــــ ــــــــ ـــ ـــــ ـــــــــ ــــ ـــ ـــــــ ـــــ

ـــــ ـــ ـــــــ ــ ـــــ ـــــــ ـــ ـــــ ــــــــ ـــ ـــــ ـــــــــ ــــ ـــ ـــــــ ـــــ

ـــــ ـــ ـــــــ ــ ـــــ ـــــــ ـــ ـــــ ــــــــ ـــ ـــــ ـــــــــ ــــ ـــ ـــــــ ـــــ

ـــــ ـــ ـــــــ ــ ـــــ ـــــــ ـــ ـــــ ــــــــ ـــ ـــــ ـــــــــ ــــ ـــ ـــــــ ـــــ

ـــــ ـــ ـــــــ ــ ـــــ ـــــــ ـــ ـــــ ــــــــ ـــ ـــــ ـــــــــ ــــ ـــ ـــــــ ـــــ

ـــــ ـــ ـــــــ ــ ـــــ ـــــــ ـــ ـــــ ــــــــ ـــ ـــــ ـــــــــ ــــ ـــ ـــــــ ـــــ

ـــــ ـــ ـــــــ ــ ـــــ ـــــــ ـــ ـــــ ــــــــ ـــ ـــــ ـــــــــ ــــ ـــ ـــــــ ـــــ

ـــــ ـــ ـــــــ ــ ـــــ ـــــــ ـــ ـــــ ــــــــ ـــ ـــــ ـــــــــ ــــ ـــ ـــــــ ـــــ

ـــــ ـــ ـــــــ ــ ـــــ ـــــــ ـــ ـــــ ــــــــ ـــ ـــــ ـــــــــ ــــ ـــ ـــــــ ـــــ

ـــــ ـــ ـــــــ ــ ـــــ ـــــــ ـــ ـــــ ــــــــ ـــ ـــــ ـــــــــ ــــ ـــ ـــــــ ـــــ

ـــــ ـــ ـــــــ ــ ـــــ ـــــــ ـــ ـــــ ــــــــ ـــ ـــــ ـــــــــ ــــ ـــ ـــــــ ـــــ

ـــــ ـــ ـــــــ ــ ـــــ ـــــــ ـــ ـــــ ــــــــ ـــ ـــــ ـــــــــ ــــ ـــ ـــــــ ـــــ

ـــــ ـــ ـــــــ ــ ـــــ ـــــــ ـــ ـــــ ــــــــ ـــ ـــــ ـــــــــ ــــ ـــ ـــــــ ـــــ

ـــــ ـــ ـــــــ ــ ـــــ ـــــــ ـــ ـــــ ــــــــ ـــ ـــــ ـــــــــ ــــ ـــ ـــــــ ـــــ

ـــــ ـــ ـــــــ ــ ـــــ ـــــــ ـــ ـــــ ــــــــ ـــ ـــــ ـــــــــ ــــ ـــ ـــــــ ـــــ

ـــــ ـــ ـــــــ ــ ـــــ ـــــــ ـــ ـــــ ــــــــ ـــ ـــــ ـــــــــ ــــ ـــ ـــــــ ـــــ

ـــــ ـــ ـــــــ ــ ـــــ ـــــــ ـــ ـــــ ــــــــ ـــ ـــــ ـــــــــ ــــ ـــ ـــــــ ـــــ

ـــــ ـــ ـــــــ ــ ـــــ ـــــــ ـــ ـــــ ــــــــ ـــ ـــــ ـــــــــ ــــ ـــ ـــــــ ـــــ

ـــــ ـــ ـــــــ ــ ـــــ ـــــــ ـــ ـــــ ــــــــ ـــ ـــــ ـــــــــ ــــ ـــ ـــــــ ـــــ

ـــــ ـــ ـــــــ ــ ـــــ ـــــــ ـــ ـــــ ــــــــ ـــ ـــــ ـــــــــ ــــ ـــ ـــــــ ـــــ

ـــــ ـــ ـــــــ ــ ـــــ ـــــــ ـــ ـــــ ــــــــ ـــ ـــــ ـــــــــ ــــ ـــ ـــــــ ـــــ

ـــــ ـــ ـــــــ ــ ـــــ ـــــــ ـــ ـــــ ــــــــ ـــ ـــــ ـــــــــ ــــ ـــ ـــــــ ـــــ

ترک تریاک
۴۸۸۸ ـ ت
قیمت برنج مخصوص

ـــــ ـــ ـــــــ ــ ـــــ ـــــــ ـــ ـــــ ــــــــ ـــ ـــــ ـــــــــ ــــ ـــ ـــــــ ـــــ

ـــــ ـــ ـــــــ ــ ـــــ ـــــــ ـــ ـــــ ــــــــ ـــ ـــــ ـــــــــ ــــ ـــ ـــــــ ـــــ

ـــــ ـــ ـــــــ ــ ـــــ ـــــــ ـــ ـــــ ــــــــ ـــ ـــــ ـــــــــ ــــ ـــ ـــــــ ـــــ

ـــــ ـــ ـــــــ ــ ـــــ ـــــــ ـــ ـــــ ــــــــ ـــ ـــــ ـــــــــ ــــ ـــ ـــــــ ـــــ

ـــــ ـــ ـــــــ ــ ـــــ ـــــــ ـــ ـــــ ــــــــ ـــ ـــــ ـــــــــ ــــ ـــ ـــــــ ـــــ

ـــــ ـــ ـــــــ ــ ـــــ ـــــــ ـــ ـــــ ــــــــ ـــ ـــــ ـــــــــ ــــ ـــ ـــــــ ـــــ

ـــــ ـــ ـــــــ ــ ـــــ ـــــــ ـــ ـــــ ــــــــ ـــ ـــــ ـــــــــ ــــ ـــ ـــــــ ـــــ

تشکر از اولیای امور بیمارستان فیروز آبادی

ـــــ ـــ ـــــــ ــ ـــــ ـــــــ ـــ ـــــ ــــــــ ـــ ـــــ ـــــــــ ــــ ـــ ـــــــ ـــــ

ـــــ ـــ ـــــــ ــ ـــــ ـــــــ ـــ ـــــ ــــــــ ـــ ـــــ ـــــــــ ــــ ـــ ـــــــ ـــــ

ـــــ ـــ ـــــــ ــ ـــــ ـــــــ ـــ ـــــ ــــــــ ـــ ـــــ ـــــــــ ــــ ـــ ـــــــ ـــــ

ـــــ ـــ ـــــــ ــ ـــــ ـــــــ ـــ ـــــ ــــــــ ـــ ـــــ ـــــــــ ــــ ـــ ـــــــ ـــــ

ـــــ ـــ ـــــــ ــ ـــــ ـــــــ ـــ ـــــ ــــــــ ـــ ـــــ ـــــــــ ــــ ـــ ـــــــ ـــــ

ملا محمود کشش دار آستانه مقدسه حضرت عبدالعظیم
۵۱۸۲ ـ ت
دکتر علی وکیلی استاد دانشکده پزشکی
باطلاع مرضای محترم میرساند که از اول مرداد ماه
تا اول شهریور در مسافرت خواهد بود
۵۲۷۴ ـ ت
عرض تشکر

ـــــ ـــ ـــــــ ــ ـــــ ـــــــ ـــ ـــــ ــــــــ ـــ ـــــ ـــــــــ ــــ ـــ ـــــــ ـــــ

ـــــ ـــ ـــــــ ــ ـــــ ـــــــ ـــ ـــــ ــــــــ ـــ ـــــ ـــــــــ ــــ ـــ ـــــــ ـــــ

ـــــ ـــ ـــــــ ــ ـــــ ـــــــ ـــ ـــــ ــــــــ ـــ ـــــ ـــــــــ ــــ ـــ ـــــــ ـــــ

ـــــ ـــ ـــــــ ــ ـــــ ـــــــ ـــ ـــــ ــــــــ ـــ ـــــ ـــــــــ ــــ ـــ ـــــــ ـــــ

ـــــ ـــ ـــــــ ــ ـــــ ـــــــ ـــ ـــــ ــــــــ ـــ ـــــ ـــــــــ ــــ ـــ ـــــــ ـــــ

ـــــ ـــ ـــــــ ــ ـــــ ـــــــ ـــ ـــــ ــــــــ ـــ ـــــ ـــــــــ ــــ ـــ ـــــــ ـــــ

ـــــ ـــ ـــــــ ــ ـــــ ـــــــ ـــ ـــــ ــــــــ ـــ ـــــ ـــــــــ ــــ ـــ ـــــــ ـــــ

محمد مفتاح
۵۲۵۰ ـ ت
آگهی
بازهم صحبت از قوام السلطنه است!

ـــــ ـــ ـــــــ ــ ـــــ ـــــــ ـــ ـــــ ــــــــ ـــ ـــــ ـــــــــ ــــ ـــ ـــــــ ـــــ

ـــــ ـــ ـــــــ ــ ـــــ ـــــــ ـــ ـــــ ــــــــ ـــ ـــــ ـــــــــ ــــ ـــ ـــــــ ـــــ

ـــــ ـــ ـــــــ ــ ـــــ ـــــــ ـــ ـــــ ــــــــ ـــ ـــــ ـــــــــ ــــ ـــ ـــــــ ـــــ

ـــــ ـــ ـــــــ ــ ـــــ ـــــــ ـــ ـــــ ــــــــ ـــ ـــــ ـــــــــ ــــ ـــ ـــــــ ـــــ

ـــــ ـــ ـــــــ ــ ـــــ ـــــــ ـــ ـــــ ــــــــ ـــ ـــــ ـــــــــ ــــ ـــ ـــــــ ـــــ

ـــــ ـــ ـــــــ ــ ـــــ ـــــــ ـــ ـــــ ــــــــ ـــ ـــــ ـــــــــ ــــ ـــ ـــــــ ـــــ

ـــــ ـــ ـــــــ ــ ـــــ ـــــــ ـــ ـــــ ــــــــ ـــ ـــــ ـــــــــ ــــ ـــ ـــــــ ـــــ

ـــــ ـــ ـــــــ ــ ـــــ ـــــــ ـــ ـــــ ــــــــ ـــ ـــــ ـــــــــ ــــ ـــ ـــــــ ـــــ

ـــــ ـــ ـــــــ ــ ـــــ ـــــــ ـــ ـــــ ــــــــ ـــ ـــــ ـــــــــ ــــ ـــ ـــــــ ـــــ

علی اکبر اعلم
۵۲۷۲ ـ ت
آگهی

ـــــ ـــ ـــــــ ــ ـــــ ـــــــ ـــ ـــــ ــــــــ ـــ ـــــ ـــــــــ ــــ ـــ ـــــــ ـــــ

ـــــ ـــ ـــــــ ــ ـــــ ـــــــ ـــ ـــــ ــــــــ ـــ ـــــ ـــــــــ ــــ ـــ ـــــــ ـــــ

ـــــ ـــ ـــــــ ــ ـــــ ـــــــ ـــ ـــــ ــــــــ ـــ ـــــ ـــــــــ ــــ ـــ ـــــــ ـــــ

ـــــ ـــ ـــــــ ــ ـــــ ـــــــ ـــ ـــــ ــــــــ ـــ ـــــ ـــــــــ ــــ ـــ ـــــــ ـــــ

ـــــ ـــ ـــــــ ــ ـــــ ـــــــ ـــ ـــــ ــــــــ ـــ ـــــ ـــــــــ ــــ ـــ ـــــــ ـــــ

ـــــ ـــ ـــــــ ــ ـــــ ـــــــ ـــ ـــــ ــــــــ ـــ ـــــ ـــــــــ ــــ ـــ ـــــــ ـــــ

معصومه رهنما معروف بخرمشاهی
۵۲۸۵ ـ ت
یک کلاس ابتدائی و کلاس دوم انگلیسی
روز اول مرداد ماه در انجمن فرهنگی پروین افتتاح شد
امیریه پارک معزالسلطان
۵۲۷۳ ـ ت
بدین وسیله باستحضار اقوام و دوستان میرساند

ـــــ ـــ ـــــــ ــ ـــــ ـــــــ ـــ ـــــ ــــــــ ـــ ـــــ ـــــــــ ــــ ـــ ـــــــ ـــــ

ـــــ ـــ ـــــــ ــ ـــــ ـــــــ ـــ ـــــ ــــــــ ـــ ـــــ ـــــــــ ــــ ـــ ـــــــ ـــــ

ـــــ ـــ ـــــــ ــ ـــــ ـــــــ ـــ ـــــ ــــــــ ـــ ـــــ ـــــــــ ــــ ـــ ـــــــ ـــــ

ـــــ ـــ ـــــــ ــ ـــــ ـــــــ ـــ ـــــ ــــــــ ـــ ـــــ ـــــــــ ــــ ـــ ـــــــ ـــــ

مهدی صیرفی
۵۲۶۱ ـ ت
چهلمین روز درگذشت مهدی وحیدی

ـــــ ـــ ـــــــ ــ ـــــ ـــــــ ـــ ـــــ ــــــــ ـــ ـــــ ـــــــــ ــــ ـــ ـــــــ ـــــ

ـــــ ـــ ـــــــ ــ ـــــ ـــــــ ـــ ـــــ ــــــــ ـــ ـــــ ـــــــــ ــــ ـــ ـــــــ ـــــ

ـــــ ـــ ـــــــ ــ ـــــ ـــــــ ـــ ـــــ ــــــــ ـــ ـــــ ـــــــــ ــــ ـــ ـــــــ ـــــ

ـــــ ـــ ـــــــ ــ ـــــ ـــــــ ـــ ـــــ ــــــــ ـــ ـــــ ـــــــــ ــــ ـــ ـــــــ ـــــ

محمدمنصوریان ـ نزهت وحیدی
۵۲۴۱ ـ ت

ـــــ ـــ ـــــــ ــ ـــــ ـــــــ ـــ ـــــ ــــــــ ـــ ـــــ ـــــــــ ــــ ـــ ـــــــ ـــــ

ـــــ ـــ ـــــــ ــ ـــــ ـــــــ ـــ ـــــ ــــــــ ـــ ـــــ ـــــــــ ــــ ـــ ـــــــ ـــــ

ـــــ ـــ ـــــــ ــ ـــــ ـــــــ ـــ ـــــ ــــــــ ـــ ـــــ ـــــــــ ــــ ـــ ـــــــ ـــــ

ـــــ ـــ ـــــــ ــ ـــــ ـــــــ ـــ ـــــ ــــــــ ـــ ـــــ ـــــــــ ــــ ـــ ـــــــ ـــــ

۵۲۵۲ ـ ت

ـــــ ـــ ـــــــ ــ ـــــ ـــــــ ـــ ـــــ ــــــــ ـــ ـــــ ـــــــــ ــــ ـــ ـــــــ ـــــ

ـــــ ـــ ـــــــ ــ ـــــ ـــــــ ـــ ـــــ ــــــــ ـــ ـــــ ـــــــــ ــــ ـــ ـــــــ ـــــ

ـــــ ـــ ـــــــ ــ ـــــ ـــــــ ـــ ـــــ ــــــــ ـــ ـــــ ـــــــــ ــــ ـــ ـــــــ ـــــ

ـــــ ـــ ـــــــ ــ ـــــ ـــــــ ـــ ـــــ ــــــــ ـــ ـــــ ـــــــــ ــــ ـــ ـــــــ ـــــ

ـــــ ـــ ـــــــ ــ ـــــ ـــــــ ـــ ـــــ ــــــــ ـــ ـــــ ـــــــــ ــــ ـــ ـــــــ ـــــ

ـــــ ـــ ـــــــ ــ ـــــ ـــــــ ـــ ـــــ ــــــــ ـــ ـــــ ـــــــــ ــــ ـــ ـــــــ ـــــ

فضل الله صادقی ـ حسینعلی صادقی ـ علی صادقی
جعفر صادقی ـ قدرت الله و هادی الله ـ اکبر صادقی ـ دکتر
حمید صادقی ـ مهندس جواد جوادی
۵۲۵۸ ـ ت
آگهی های تسلیت

ـــــ ـــ ـــــــ ــ ـــــ ـــــــ ـــ ـــــ ــــــــ ـــ ـــــ ـــــــــ ــــ ـــ ـــــــ ـــــ

ـــــ ـــ ـــــــ ــ ـــــ ـــــــ ـــ ـــــ ــــــــ ـــ ـــــ ـــــــــ ــــ ـــ ـــــــ ـــــ

ـــــ ـــ ـــــــ ــ ـــــ ـــــــ ـــ ـــــ ــــــــ ـــ ـــــ ـــــــــ ــــ ـــ ـــــــ ـــــ

رقیه حریرچیان ـ عباس حریرچیان ـ ساعی ـ مهدی
حریرچیان
۵۲۶۹

ـــــ ـــ ـــــــ ــ ـــــ ـــــــ ـــ ـــــ ــــــــ ـــ ـــــ ـــــــــ ــــ ـــ ـــــــ ـــــ

ـــــ ـــ ـــــــ ــ ـــــ ـــــــ ـــ ـــــ ــــــــ ـــ ـــــ ـــــــــ ــــ ـــ ـــــــ ـــــ

ـــــ ـــ ـــــــ ــ ـــــ ـــــــ ـــ ـــــ ــــــــ ـــ ـــــ ـــــــــ ــــ ـــ ـــــــ ـــــ

ابوتراب مقدم
۵۲۶۲ ـ ت
